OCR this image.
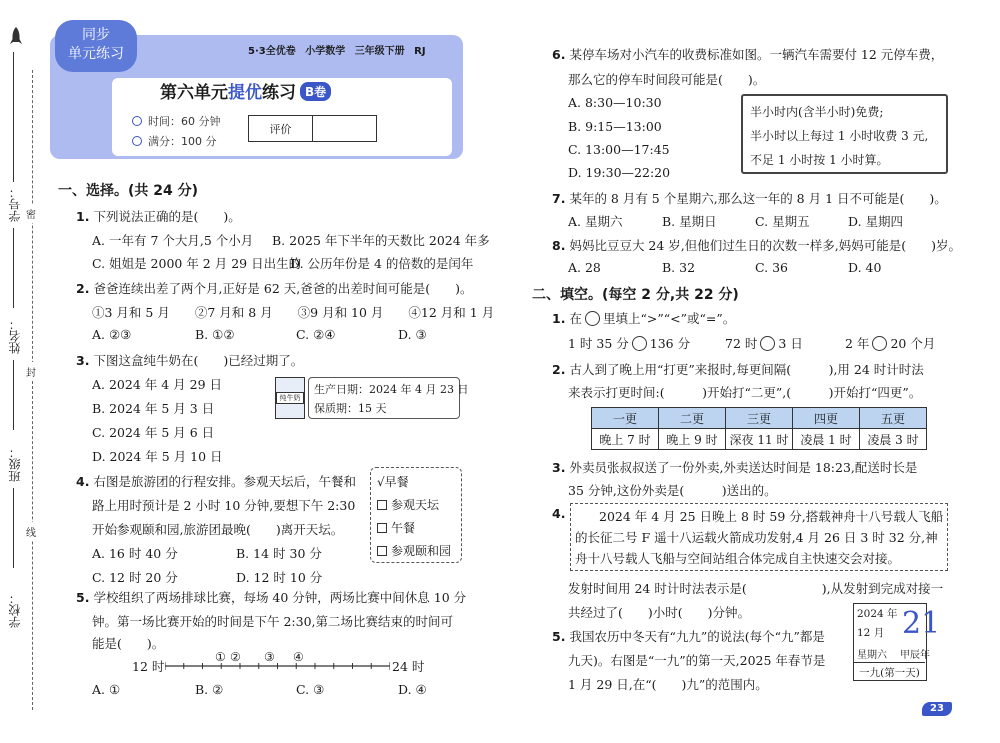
学号：
姓名：
班级：
学校：
密
封
线
同步
单元练习	5·3全优卷 小学数学 三年级下册 RJ
第六单元提优练习 B卷
时间：60 分钟
满分：100 分
评价	
一、选择。(共 24 分)
1. 下列说法正确的是(　　)。
A. 一年有 7 个大月,5 个小月 B. 2025 年下半年的天数比 2024 年多
C. 姐姐是 2000 年 2 月 29 日出生的
D. 公历年份是 4 的倍数的是闰年
2. 爸爸连续出差了两个月,正好是 62 天,爸爸的出差时间可能是(　　)。
①3 月和 5 月　　②7 月和 8 月　　③9 月和 10 月　　④12 月和 1 月
A. ②③	B. ①②	C. ②④	D. ③
3. 下图这盒纯牛奶在(　　)已经过期了。
A. 2024 年 4 月 29 日
B. 2024 年 5 月 3 日
C. 2024 年 5 月 6 日
D. 2024 年 5 月 10 日
纯牛奶
生产日期：2024 年 4 月 23 日
保质期：15 天
4. 右图是旅游团的行程安排。参观天坛后，午餐和
路上用时预计是 2 小时 10 分钟,要想下午 2:30
开始参观颐和园,旅游团最晚(　　)离开天坛。
A. 16 时 40 分	B. 14 时 30 分
C. 12 时 20 分	D. 12 时 10 分
√早餐
参观天坛
午餐
参观颐和园
5. 学校组织了两场排球比赛，每场 40 分钟，两场比赛中间休息 10 分
钟。第一场比赛开始的时间是下午 2:30,第二场比赛结束的时间可
能是(　　)。
12 时	24 时
① ② ③ ④
A. ①	B. ②	C. ③	D. ④
6. 某停车场对小汽车的收费标准如图。一辆汽车需要付 12 元停车费，
那么它的停车时间段可能是(　　)。
A. 8:30—10:30
B. 9:15—13:00
C. 13:00—17:45
D. 19:30—22:20
半小时内(含半小时)免费;
半小时以上每过 1 小时收费 3 元,
不足 1 小时按 1 小时算。
7. 某年的 8 月有 5 个星期六,那么这一年的 8 月 1 日不可能是(　　)。
A. 星期六	B. 星期日	C. 星期五	D. 星期四
8. 妈妈比豆豆大 24 岁,但他们过生日的次数一样多,妈妈可能是(　　)岁。
A. 28	B. 32	C. 36	D. 40
二、填空。(每空 2 分,共 22 分)
1. 在 里填上“>”“<”或“=”。
1 时 35 分 136 分	72 时 3 日	2 年 20 个月
2. 古人到了晚上用“打更”来报时,每更间隔(　　　),用 24 时计时法
来表示打更时间:(　　　)开始打“二更”,(　　　)开始打“四更”。
一更	二更	三更	四更	五更
晚上 7 时	晚上 9 时	深夜 11 时	凌晨 1 时	凌晨 3 时
3. 外卖员张叔叔送了一份外卖,外卖送达时间是 18:23,配送时长是
35 分钟,这份外卖是(　　　)送出的。
4.	2024 年 4 月 25 日晚上 8 时 59 分,搭载神舟十八号载人飞船
的长征二号 F 遥十八运载火箭成功发射,4 月 26 日 3 时 32 分,神
舟十八号载人飞船与空间站组合体完成自主快速交会对接。
发射时间用 24 时计时法表示是(　　　　　　),从发射到完成对接一
共经过了(　　)小时(　　)分钟。
5. 我国农历中冬天有“九九”的说法(每个“九”都是
九天)。右图是“一九”的第一天,2025 年春节是
1 月 29 日,在“(　　)九”的范围内。
2024 年
12 月 21
星期六 甲辰年
一九(第一天)
23
